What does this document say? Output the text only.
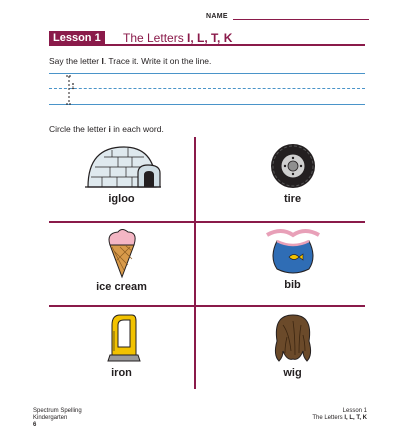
NAME
Lesson 1	The Letters I, L, T, K
Say the letter I. Trace it. Write it on the line.
Circle the letter i in each word.
igloo	tire
ice cream	bib
iron	wig
Spectrum Spelling
Kindergarten
6
Lesson 1
The Letters I, L, T, K
